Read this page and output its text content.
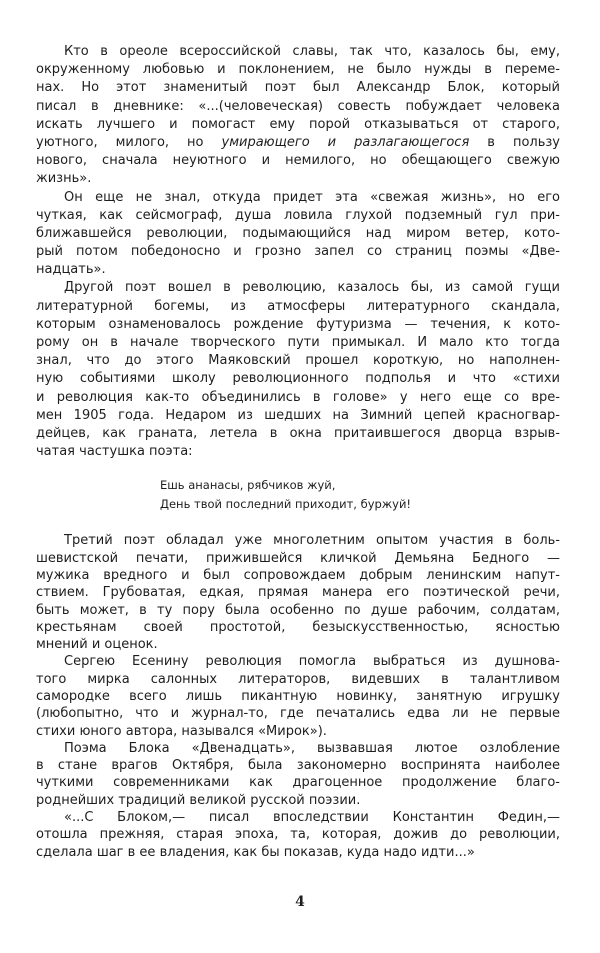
Кто в ореоле всероссийской славы, так что, казалось бы, ему,
окруженному любовью и поклонением, не было нужды в переме-
нах. Но этот знаменитый поэт был Александр Блок, который
писал в дневнике: «...(человеческая) совесть побуждает человека
искать лучшего и помогаст ему порой отказываться от старого,
уютного, милого, но умирающего и разлагающегося в пользу
нового, сначала неуютного и немилого, но обещающего свежую
жизнь».
Он еще не знал, откуда придет эта «свежая жизнь», но его
чуткая, как сейсмограф, душа ловила глухой подземный гул при-
ближавшейся революции, подымающийся над миром ветер, кото-
рый потом победоносно и грозно запел со страниц поэмы «Две-
надцать».
Другой поэт вошел в революцию, казалось бы, из самой гущи
литературной богемы, из атмосферы литературного скандала,
которым ознаменовалось рождение футуризма — течения, к кото-
рому он в начале творческого пути примыкал. И мало кто тогда
знал, что до этого Маяковский прошел короткую, но наполнен-
ную событиями школу революционного подполья и что «стихи
и революция как-то объединились в голове» у него еще со вре-
мен 1905 года. Недаром из шедших на Зимний цепей красногвар-
дейцев, как граната, летела в окна притаившегося дворца взрыв-
чатая частушка поэта:
Ешь ананасы, рябчиков жуй,
День твой последний приходит, буржуй!
Третий поэт обладал уже многолетним опытом участия в боль-
шевистской печати, прижившейся кличкой Демьяна Бедного —
мужика вредного и был сопровождаем добрым ленинским напут-
ствием. Грубоватая, едкая, прямая манера его поэтической речи,
быть может, в ту пору была особенно по душе рабочим, солдатам,
крестьянам своей простотой, безыскусственностью, ясностью
мнений и оценок.
Сергею Есенину революция помогла выбраться из душнова-
того мирка салонных литераторов, видевших в талантливом
самородке всего лишь пикантную новинку, занятную игрушку
(любопытно, что и журнал-то, где печатались едва ли не первые
стихи юного автора, назывался «Мирок»).
Поэма Блока «Двенадцать», вызвавшая лютое озлобление
в стане врагов Октября, была закономерно воспринята наиболее
чуткими современниками как драгоценное продолжение благо-
роднейших традиций великой русской поэзии.
«...С Блоком,— писал впоследствии Константин Федин,—
отошла прежняя, старая эпоха, та, которая, дожив до революции,
сделала шаг в ее владения, как бы показав, куда надо идти...»
4
